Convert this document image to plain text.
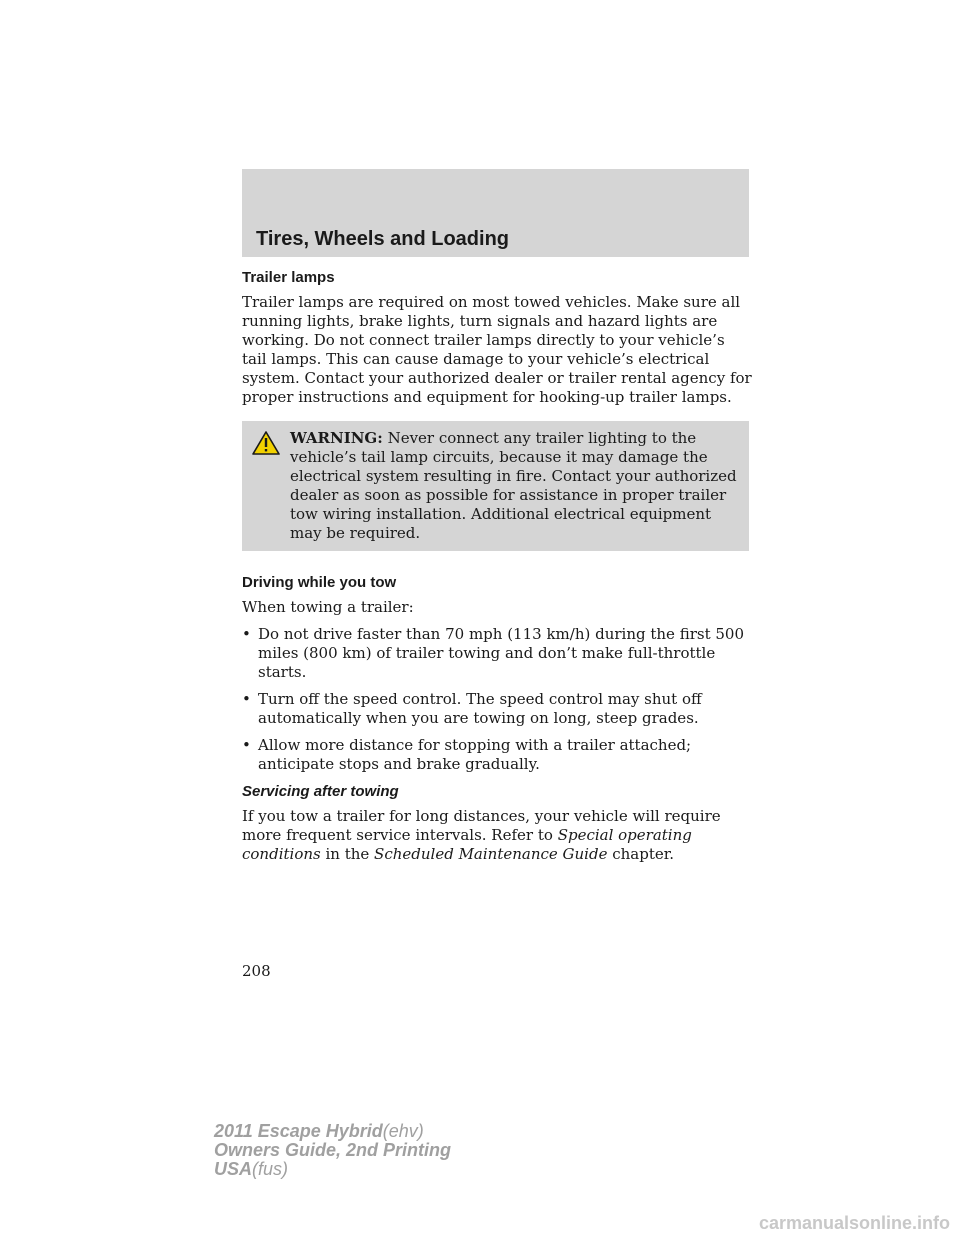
Tires, Wheels and Loading
Trailer lamps

Trailer lamps are required on most towed vehicles. Make sure all running lights, brake lights, turn signals and hazard lights are working. Do not connect trailer lamps directly to your vehicle’s tail lamps. This can cause damage to your vehicle’s electrical system. Contact your authorized dealer or trailer rental agency for proper instructions and equipment for hooking-up trailer lamps.

WARNING: Never connect any trailer lighting to the vehicle’s tail lamp circuits, because it may damage the electrical system resulting in fire. Contact your authorized dealer as soon as possible for assistance in proper trailer tow wiring installation. Additional electrical equipment may be required.
Driving while you tow

When towing a trailer:

• Do not drive faster than 70 mph (113 km/h) during the first 500 miles (800 km) of trailer towing and don’t make full-throttle starts.
• Turn off the speed control. The speed control may shut off automatically when you are towing on long, steep grades.
• Allow more distance for stopping with a trailer attached; anticipate stops and brake gradually.
Servicing after towing

If you tow a trailer for long distances, your vehicle will require more frequent service intervals. Refer to Special operating conditions in the Scheduled Maintenance Guide chapter.

208
2011 Escape Hybrid(ehv)
Owners Guide, 2nd Printing
USA(fus)
carmanualsonline.info
